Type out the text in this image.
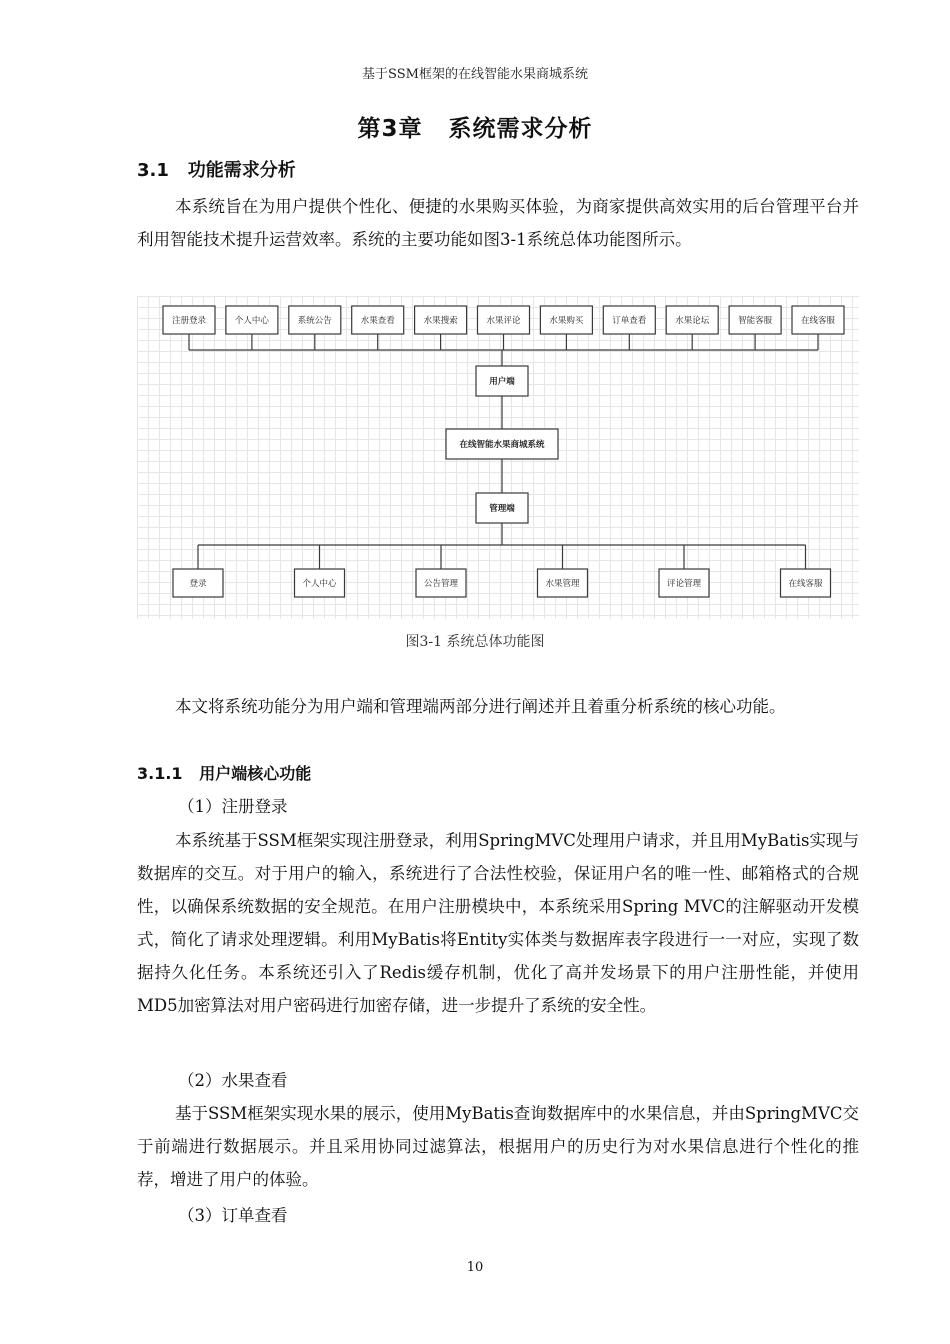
基于SSM框架的在线智能水果商城系统
第3章 系统需求分析
3.1 功能需求分析

本系统旨在为用户提供个性化、便捷的水果购买体验，为商家提供高效实用的后台管理平台并利用智能技术提升运营效率。系统的主要功能如图3-1系统总体功能图所示。

用户端
在线智能水果商城系统
管理端
注册登录	个人中心	系统公告	水果查看	水果搜索	水果评论	水果购买	订单查看	水果论坛	智能客服	在线客服
登录	个人中心	公告管理	水果管理	评论管理	在线客服
图3-1 系统总体功能图

本文将系统功能分为用户端和管理端两部分进行阐述并且着重分析系统的核心功能。

3.1.1 用户端核心功能
（1）注册登录

本系统基于SSM框架实现注册登录，利用SpringMVC处理用户请求，并且用MyBatis实现与数据库的交互。对于用户的输入，系统进行了合法性校验，保证用户名的唯一性、邮箱格式的合规性，以确保系统数据的安全规范。在用户注册模块中，本系统采用Spring MVC的注解驱动开发模式，简化了请求处理逻辑。利用MyBatis将Entity实体类与数据库表字段进行一一对应，实现了数据持久化任务。本系统还引入了Redis缓存机制，优化了高并发场景下的用户注册性能，并使用MD5加密算法对用户密码进行加密存储，进一步提升了系统的安全性。

（2）水果查看

基于SSM框架实现水果的展示，使用MyBatis查询数据库中的水果信息，并由SpringMVC交于前端进行数据展示。并且采用协同过滤算法，根据用户的历史行为对水果信息进行个性化的推荐，增进了用户的体验。

（3）订单查看
10
